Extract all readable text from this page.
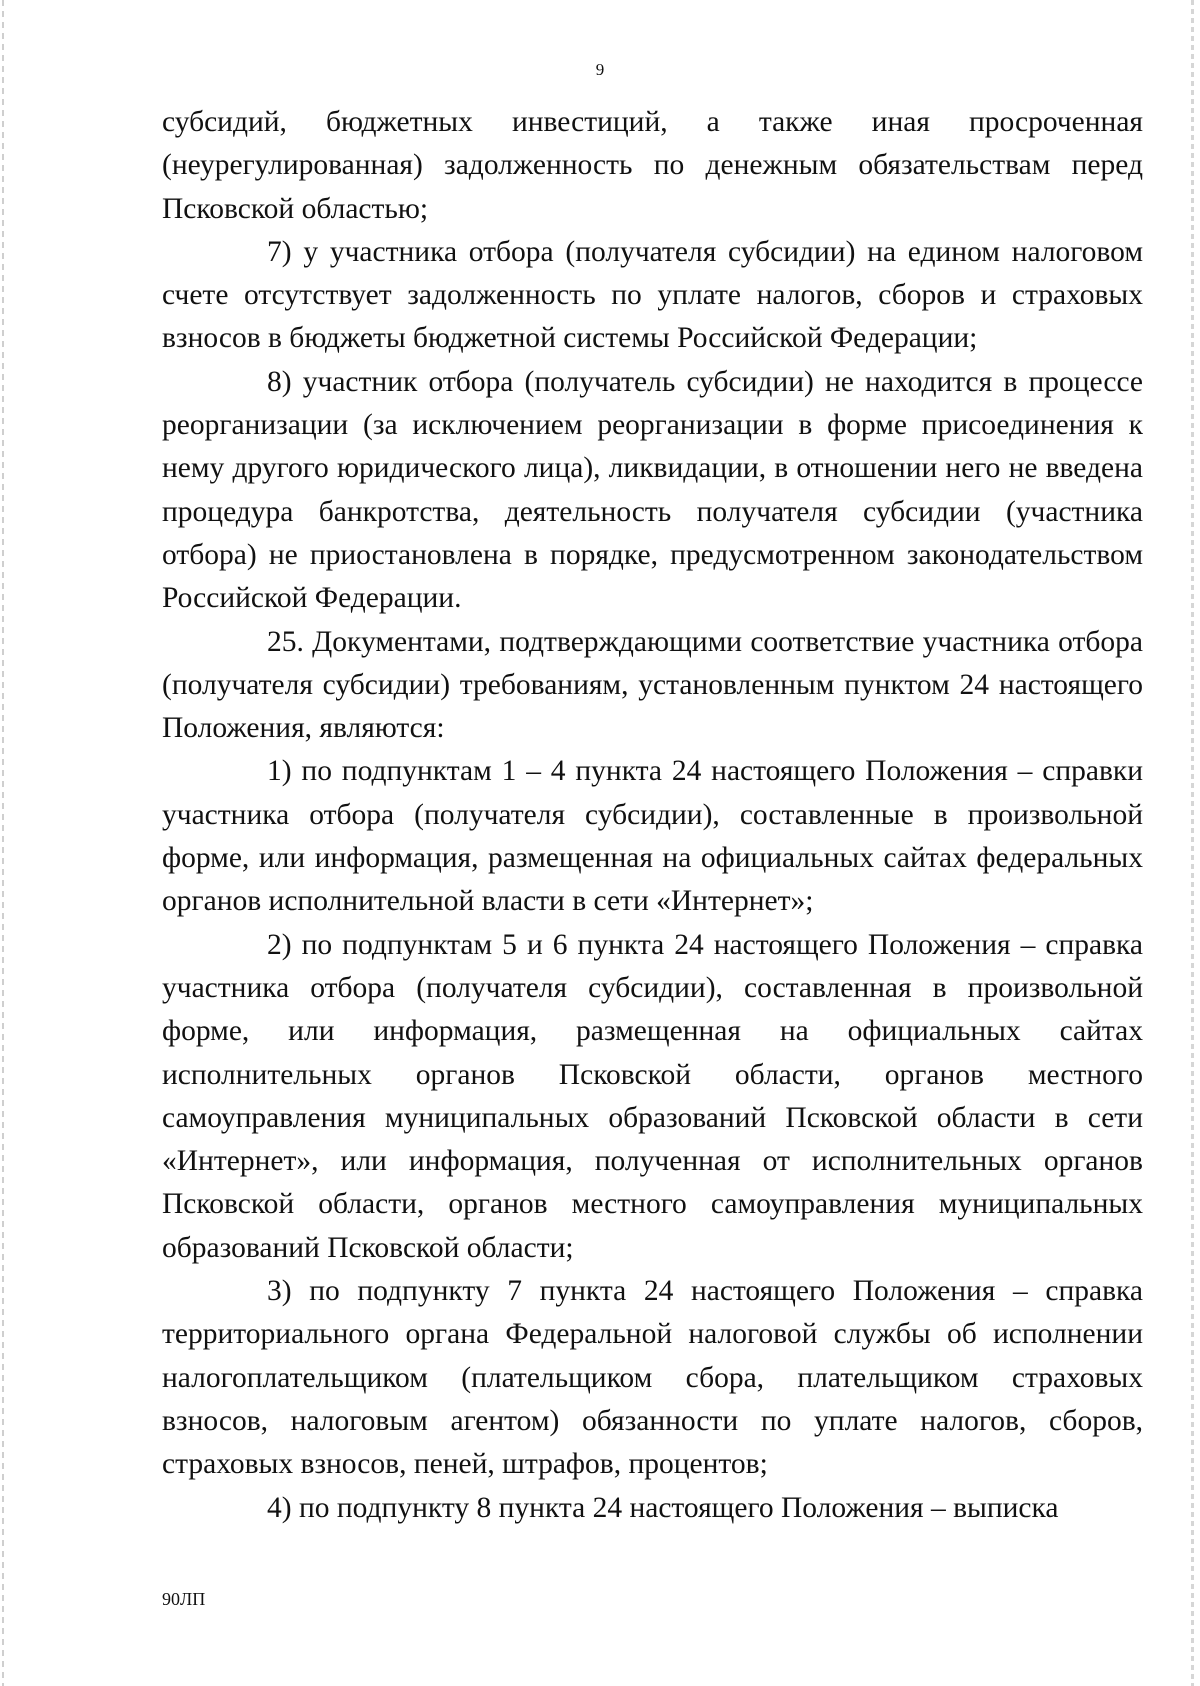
9

субсидий, бюджетных инвестиций, а также иная просроченная (неурегулированная) задолженность по денежным обязательствам перед Псковской областью;

7) у участника отбора (получателя субсидии) на едином налоговом счете отсутствует задолженность по уплате налогов, сборов и страховых взносов в бюджеты бюджетной системы Российской Федерации;

8) участник отбора (получатель субсидии) не находится в процессе реорганизации (за исключением реорганизации в форме присоединения к нему другого юридического лица), ликвидации, в отношении него не введена процедура банкротства, деятельность получателя субсидии (участника отбора) не приостановлена в порядке, предусмотренном законодательством Российской Федерации.

25. Документами, подтверждающими соответствие участника отбора (получателя субсидии) требованиям, установленным пунктом 24 настоящего Положения, являются:

1) по подпунктам 1 – 4 пункта 24 настоящего Положения – справки участника отбора (получателя субсидии), составленные в произвольной форме, или информация, размещенная на официальных сайтах федеральных органов исполнительной власти в сети «Интернет»;

2) по подпунктам 5 и 6 пункта 24 настоящего Положения – справка участника отбора (получателя субсидии), составленная в произвольной форме, или информация, размещенная на официальных сайтах исполнительных органов Псковской области, органов местного самоуправления муниципальных образований Псковской области в сети «Интернет», или информация, полученная от исполнительных органов Псковской области, органов местного самоуправления муниципальных образований Псковской области;

3) по подпункту 7 пункта 24 настоящего Положения – справка территориального органа Федеральной налоговой службы об исполнении налогоплательщиком (плательщиком сбора, плательщиком страховых взносов, налоговым агентом) обязанности по уплате налогов, сборов, страховых взносов, пеней, штрафов, процентов;

4) по подпункту 8 пункта 24 настоящего Положения – выписка

90ЛП
